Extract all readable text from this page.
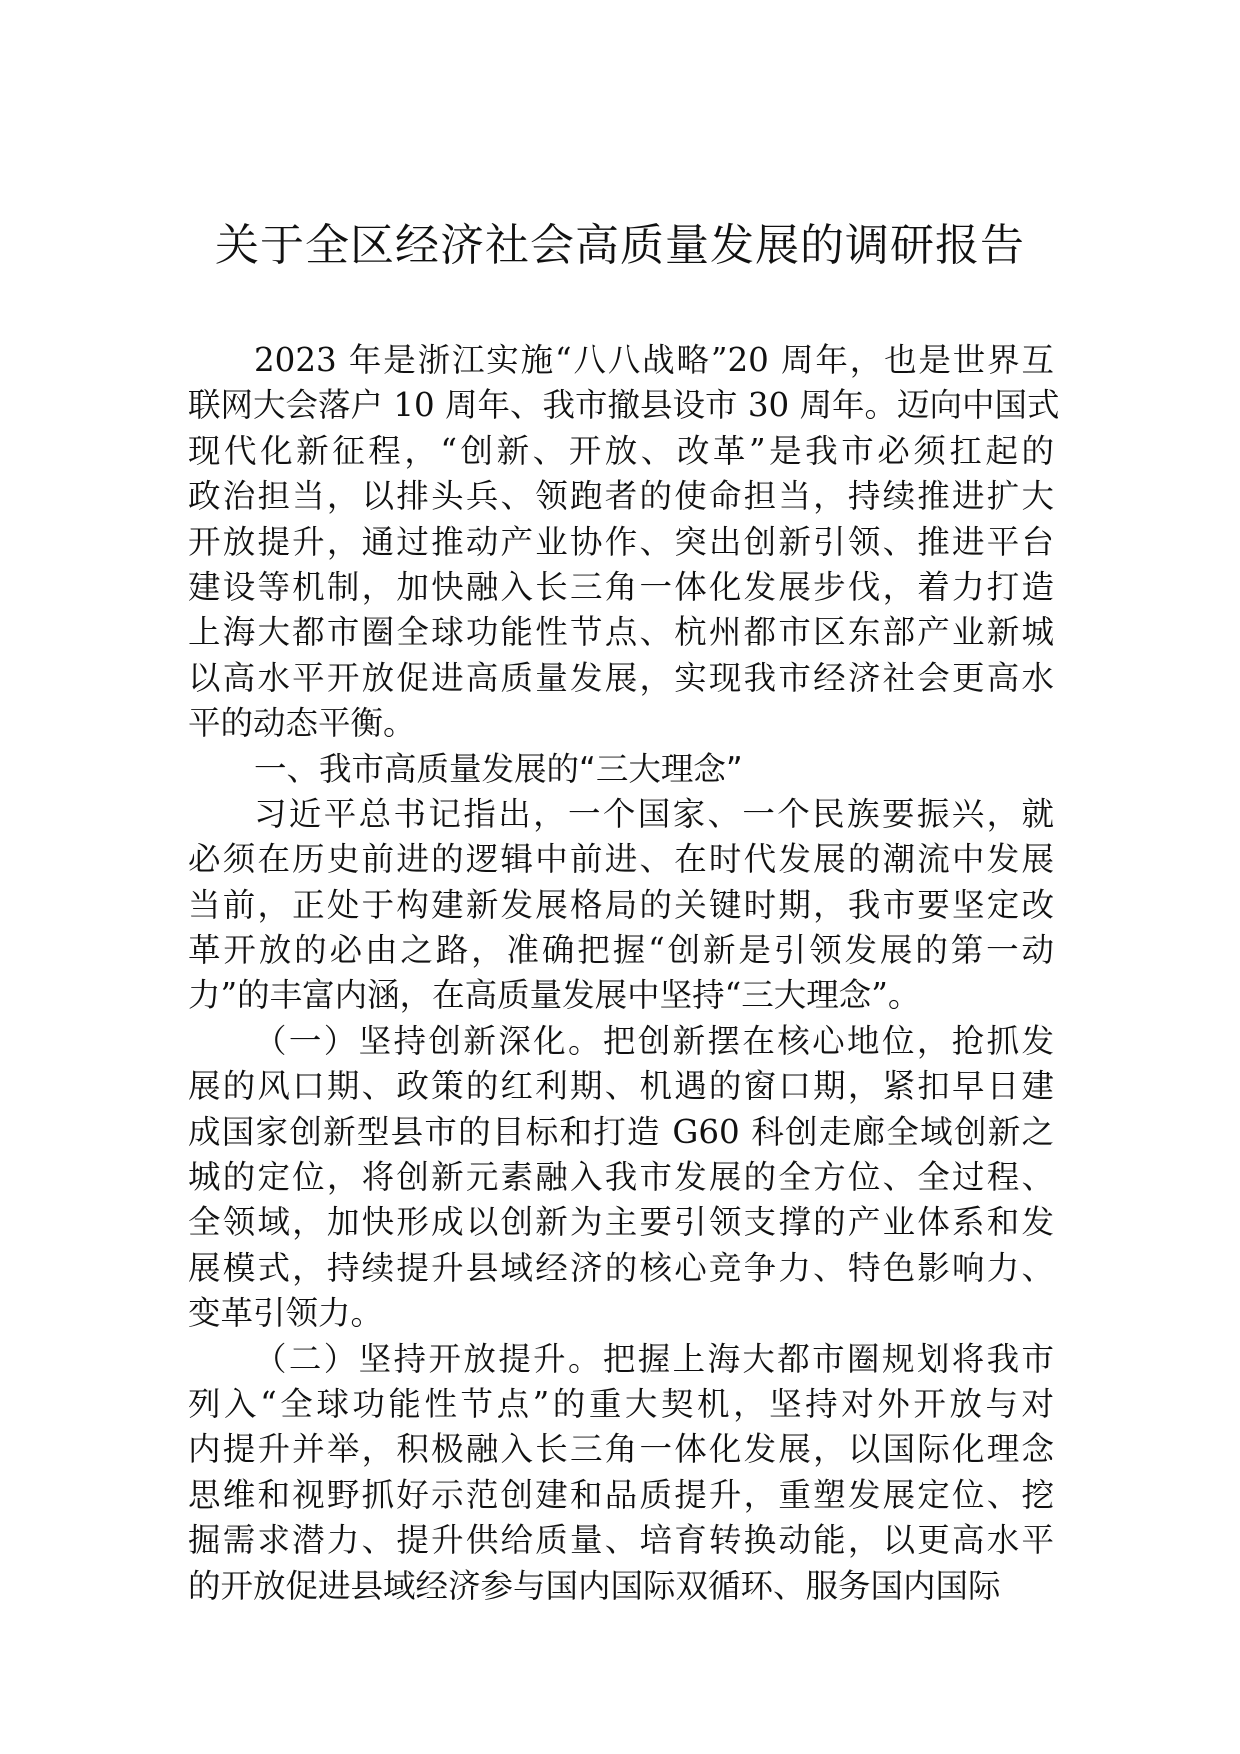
关于全区经济社会高质量发展的调研报告
2023 年是浙江实施“八八战略”20 周年，也是世界互
联网大会落户 10 周年、我市撤县设市 30 周年。迈向中国式
现代化新征程，“创新、开放、改革”是我市必须扛起的
政治担当，以排头兵、领跑者的使命担当，持续推进扩大
开放提升，通过推动产业协作、突出创新引领、推进平台
建设等机制，加快融入长三角一体化发展步伐，着力打造
上海大都市圈全球功能性节点、杭州都市区东部产业新城
以高水平开放促进高质量发展，实现我市经济社会更高水
平的动态平衡。
一、我市高质量发展的“三大理念”
习近平总书记指出，一个国家、一个民族要振兴，就
必须在历史前进的逻辑中前进、在时代发展的潮流中发展
当前，正处于构建新发展格局的关键时期，我市要坚定改
革开放的必由之路，准确把握“创新是引领发展的第一动
力”的丰富内涵，在高质量发展中坚持“三大理念”。
（一）坚持创新深化。把创新摆在核心地位，抢抓发
展的风口期、政策的红利期、机遇的窗口期，紧扣早日建
成国家创新型县市的目标和打造 G60 科创走廊全域创新之
城的定位，将创新元素融入我市发展的全方位、全过程、
全领域，加快形成以创新为主要引领支撑的产业体系和发
展模式，持续提升县域经济的核心竞争力、特色影响力、
变革引领力。
（二）坚持开放提升。把握上海大都市圈规划将我市
列入“全球功能性节点”的重大契机，坚持对外开放与对
内提升并举，积极融入长三角一体化发展，以国际化理念
思维和视野抓好示范创建和品质提升，重塑发展定位、挖
掘需求潜力、提升供给质量、培育转换动能，以更高水平
的开放促进县域经济参与国内国际双循环、服务国内国际
